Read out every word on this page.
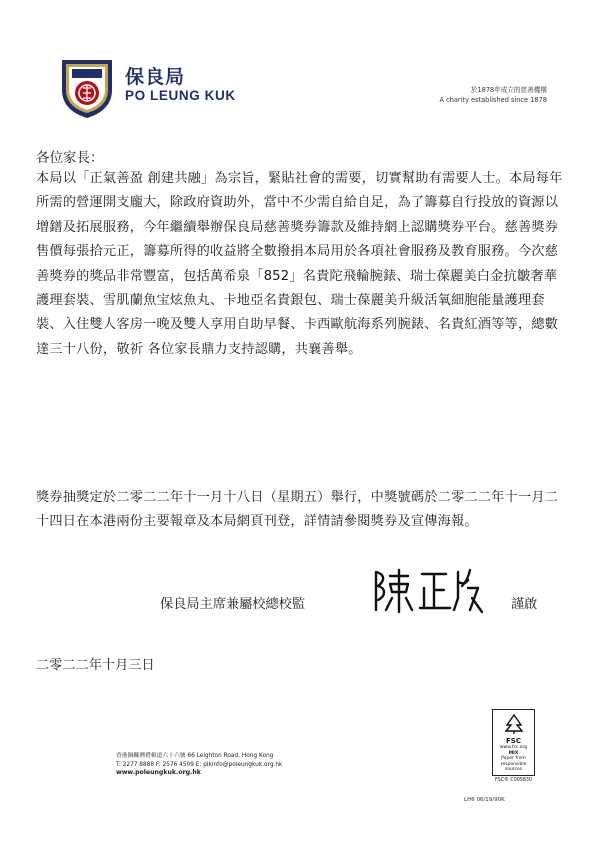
保良局
PO LEUNG KUK	於1878年成立的慈善機構
A charity established since 1878
各位家長：
本局以「正氣善盈 創建共融」為宗旨，緊貼社會的需要，切實幫助有需要人士。本局每年所需的營運開支龐大，除政府資助外，當中不少需自給自足，為了籌募自行投放的資源以增鐠及拓展服務，今年繼續舉辦保良局慈善獎券籌款及維持網上認購獎券平台。慈善獎券售價每張拾元正，籌募所得的收益將全數撥捐本局用於各項社會服務及教育服務。今次慈善獎券的獎品非常豐富，包括萬希泉「852」名貴陀飛輪腕錶、瑞士葆麗美白金抗皺奢華護理套裝、雪肌蘭魚宝炫魚丸、卡地亞名貴銀包、瑞士葆麗美升級活氧細胞能量護理套裝、入住雙人客房一晚及雙人享用自助早餐、卡西歐航海系列腕錶、名貴紅酒等等，總數達三十八份，敬祈 各位家長鼎力支持認購，共襄善舉。
獎券抽獎定於二零二二年十一月十八日（星期五）舉行，中獎號碼於二零二二年十一月二十四日在本港兩份主要報章及本局網頁刊登，詳情請參閱獎券及宣傳海報。
保良局主席兼屬校總校監	謹啟
二零二二年十月三日
香港銅鑼灣禮頓道六十六號 66 Leighton Road, Hong Kong
T: 2277 8888 F: 2576 4509 E: plkinfo@poleungkuk.org.hk
www.poleungkuk.org.hk
FSC
www.fsc.org
MIX
Paper from responsible sources
FSC® C005830
LH6 06/19/90K
